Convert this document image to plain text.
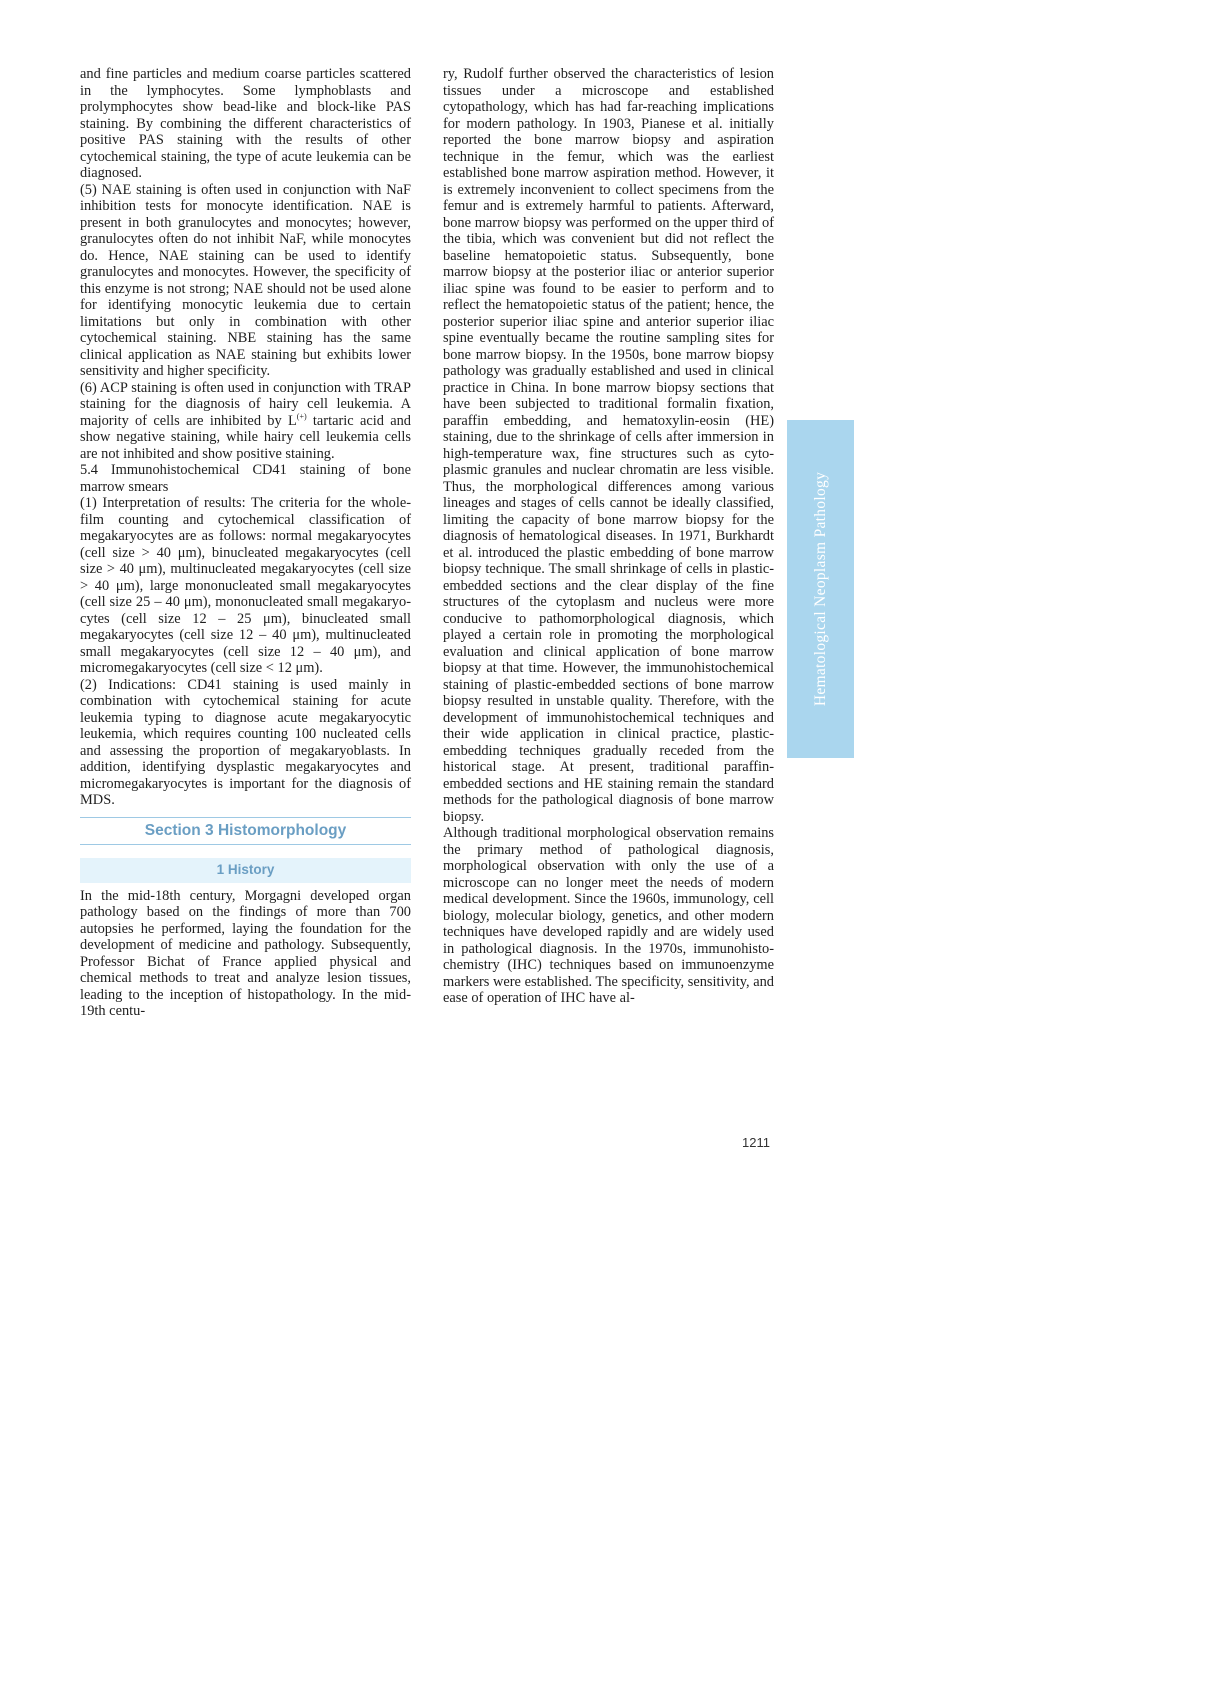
and fine particles and medium coarse particles scattered in the lymphocytes. Some lymphoblasts and prolymphocytes show bead-like and block-like PAS staining. By combining the different characteristics of positive PAS staining with the results of other cytochemical staining, the type of acute leukemia can be diagnosed.

(5) NAE staining is often used in conjunction with NaF inhibition tests for monocyte identification. NAE is present in both granulocytes and monocytes; however, granulocytes often do not inhibit NaF, while monocytes do. Hence, NAE staining can be used to identify granulocytes and monocytes. However, the specificity of this enzyme is not strong; NAE should not be used alone for identifying monocytic leukemia due to certain limitations but only in combination with other cytochemical staining. NBE staining has the same clinical application as NAE staining but exhibits lower sensitivity and higher specificity.

(6) ACP staining is often used in conjunction with TRAP staining for the diagnosis of hairy cell leukemia. A majority of cells are inhibited by L(+) tartaric acid and show negative staining, while hairy cell leukemia cells are not inhibited and show positive staining.

5.4 Immunohistochemical CD41 staining of bone marrow smears

(1) Interpretation of results: The criteria for the whole-film counting and cytochemical classification of megakaryocytes are as follows: normal megakaryocytes (cell size > 40 μm), binucleated megakaryocytes (cell size > 40 μm), multinucleated megakaryocytes (cell size > 40 μm), large mononucleated small megakaryocytes (cell size 25 – 40 μm), mononucleated small megakaryocytes (cell size 12 – 25 μm), binucleated small megakaryocytes (cell size 12 – 40 μm), multinucleated small megakaryocytes (cell size 12 – 40 μm), and micromegakaryocytes (cell size < 12 μm).

(2) Indications: CD41 staining is used mainly in combination with cytochemical staining for acute leukemia typing to diagnose acute megakaryocytic leukemia, which requires counting 100 nucleated cells and assessing the proportion of megakaryoblasts. In addition, identifying dysplastic megakaryocytes and micromegakaryocytes is important for the diagnosis of MDS.

Section 3 Histomorphology
1 History

In the mid-18th century, Morgagni developed organ pathology based on the findings of more than 700 autopsies he performed, laying the foundation for the development of medicine and pathology. Subsequently, Professor Bichat of France applied physical and chemical methods to treat and analyze lesion tissues, leading to the inception of histopathology. In the mid-19th centu-

ry, Rudolf further observed the characteristics of lesion tissues under a microscope and established cytopathology, which has had far-reaching implications for modern pathology. In 1903, Pianese et al. initially reported the bone marrow biopsy and aspiration technique in the femur, which was the earliest established bone marrow aspiration method. However, it is extremely inconvenient to collect specimens from the femur and is extremely harmful to patients. Afterward, bone marrow biopsy was performed on the upper third of the tibia, which was convenient but did not reflect the baseline hematopoietic status. Subsequently, bone marrow biopsy at the posterior iliac or anterior superior iliac spine was found to be easier to perform and to reflect the hematopoietic status of the patient; hence, the posterior superior iliac spine and anterior superior iliac spine eventually became the routine sampling sites for bone marrow biopsy. In the 1950s, bone marrow biopsy pathology was gradually established and used in clinical practice in China. In bone marrow biopsy sections that have been subjected to traditional formalin fixation, paraffin embedding, and hematoxylin-eosin (HE) staining, due to the shrinkage of cells after immersion in high-temperature wax, fine structures such as cytoplasmic granules and nuclear chromatin are less visible. Thus, the morphological differences among various lineages and stages of cells cannot be ideally classified, limiting the capacity of bone marrow biopsy for the diagnosis of hematological diseases. In 1971, Burkhardt et al. introduced the plastic embedding of bone marrow biopsy technique. The small shrinkage of cells in plastic-embedded sections and the clear display of the fine structures of the cytoplasm and nucleus were more conducive to pathomorphological diagnosis, which played a certain role in promoting the morphological evaluation and clinical application of bone marrow biopsy at that time. However, the immunohistochemical staining of plastic-embedded sections of bone marrow biopsy resulted in unstable quality. Therefore, with the development of immunohistochemical techniques and their wide application in clinical practice, plastic-embedding techniques gradually receded from the historical stage. At present, traditional paraffin-embedded sections and HE staining remain the standard methods for the pathological diagnosis of bone marrow biopsy.

Although traditional morphological observation remains the primary method of pathological diagnosis, morphological observation with only the use of a microscope can no longer meet the needs of modern medical development. Since the 1960s, immunology, cell biology, molecular biology, genetics, and other modern techniques have developed rapidly and are widely used in pathological diagnosis. In the 1970s, immunohistochemistry (IHC) techniques based on immunoenzyme markers were established. The specificity, sensitivity, and ease of operation of IHC have al-

Hematological Neoplasm Pathology
1211
